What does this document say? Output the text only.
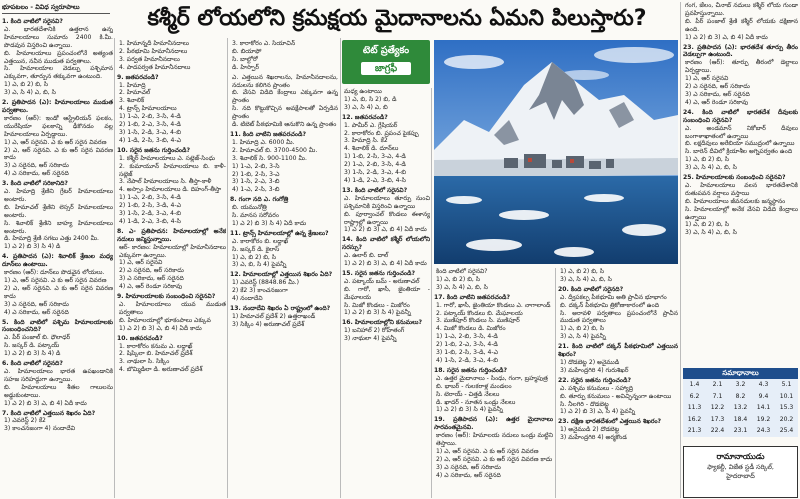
భూపటలం - వివిధ స్వరూపాలు	కశ్మీర్ లోయలోని క్రమక్షయ మైదానాలను ఏమని పిలుస్తారు?
1. కింది వాటిలో సరైనవి?
ఎ. భారతదేశానికి ఉత్తరాన ఉన్న హిమాలయాలు సుమారు 2400 కి.మీ. పొడవున విస్తరించి ఉన్నాయి.
బి. హిమాలయాలు ప్రపంచంలోనే అత్యంత ఎత్తయిన, నవీన ముడుత పర్వతాలు.
సి. హిమాలయాల వెడల్పు పశ్చిమాన ఎక్కువగా, తూర్పున తక్కువగా ఉంటుంది.
1) ఎ, బి 2) బి, సి
3) ఎ, సి 4) ఎ, బి, సి
2. ప్రతిపాదన (ఎ): హిమాలయాలు ముడుత పర్వతాలు.
కారణం (ఆర్): ఇండో ఆస్ట్రేలియన్ ఫలకం, యురేషియా ఫలకాన్ని ఢీకొనడం వల్ల హిమాలయాలు ఏర్పడ్డాయి.
1) ఎ, ఆర్ సరైనవి. ఎ కు ఆర్ సరైన వివరణ
2) ఎ, ఆర్ సరైనవి. ఎ కు ఆర్ సరైన వివరణ కాదు
3) ఎ సరైనది, ఆర్ సరికాదు
4) ఎ సరికాదు, ఆర్ సరైనది
3. కింది వాటిలో సరికానిది?
ఎ. హిమాద్రి శ్రేణిని గ్రేటర్ హిమాలయాలు అంటారు.
బి. హిమాచల్ శ్రేణిని లెస్సర్ హిమాలయాలు అంటారు.
సి. శివాలిక్ శ్రేణిని బాహ్య హిమాలయాలు అంటారు.
డి. హిమాద్రి శ్రేణి సగటు ఎత్తు 2400 మీ.
1) ఎ 2) బి 3) సి 4) డి
4. ప్రతిపాదన (ఎ): శివాలిక్ శ్రేణుల మధ్య దూన్‌లు ఉంటాయి.
కారణం (ఆర్): దూన్‌లు పొడవైన లోయలు.
1) ఎ, ఆర్ సరైనవి. ఎ కు ఆర్ సరైన వివరణ
2) ఎ, ఆర్ సరైనవి. ఎ కు ఆర్ సరైన వివరణ కాదు
3) ఎ సరైనది, ఆర్ సరికాదు
4) ఎ సరికాదు, ఆర్ సరైనది
5. కింది వాటిలో పశ్చిమ హిమాలయాలకు సంబంధించనిది?
ఎ. పీర్ పంజాల్ బి. ధౌలాధర్
సి. జస్కర్ డి. పట్కాయ్
1) ఎ 2) బి 3) సి 4) డి
6. కింది వాటిలో సరైనది?
ఎ. హిమాలయాలు భారత ఉపఖండానికి సహజ సరిహద్దుగా ఉన్నాయి.
బి. హిమాలయాలు శీతల గాలులను అడ్డుకుంటాయి.
1) ఎ 2) బి 3) ఎ, బి 4) ఏదీ కాదు
7. కింది వాటిలో ఎత్తయిన శిఖరం ఏది?
1) ఎవరెస్ట్ 2) కే2
3) కాంచనజంగా 4) నందాదేవి
1. హిమాన్నదీ హిమానీనదాలు
2. పీఠభూమి హిమానీనదాలు
3. పర్వత హిమానీనదాలు
4. పాదపర్వత హిమానీనదాలు
9. జతపరచండి?
1. హిమాద్రి
2. హిమాచల్
3. శివాలిక్
4. ట్రాన్స్ హిమాలయాలు
1) 1-ఎ, 2-బి, 3-సి, 4-డి
2) 1-బి, 2-ఎ, 3-సి, 4-డి
3) 1-సి, 2-డి, 3-ఎ, 4-బి
4) 1-డి, 2-సి, 3-బి, 4-ఎ
10. సరైన జతను గుర్తించండి?
1. కశ్మీర్ హిమాలయాలు ఎ. సట్లెజ్-సింధు
2. కుమాయూన్ హిమాలయాలు బి. కాళీ-సట్లెజ్
3. నేపాల్ హిమాలయాలు సి. తీస్తా-కాళీ
4. అస్సాం హిమాలయాలు డి. దిహంగ్-తీస్తా
1) 1-ఎ, 2-బి, 3-సి, 4-డి
2) 1-బి, 2-సి, 3-డి, 4-ఎ
3) 1-సి, 2-డి, 3-ఎ, 4-బి
4) 1-డి, 2-ఎ, 3-బి, 4-సి
8. ఎ- ప్రతిపాదన: హిమాలయాల్లో అనేక నదులు జన్మిస్తున్నాయి.
ఆర్- కారణం: హిమాలయాల్లో హిమానీనదాలు ఎక్కువగా ఉన్నాయి.
1) ఎ, ఆర్ సరైనవి
2) ఎ సరైనది, ఆర్ సరికాదు
3) ఎ సరికాదు, ఆర్ సరైనది
4) ఎ, ఆర్ రెండూ సరికావు
9. హిమాలయాలకు సంబంధించి సరైనవి?
ఎ. హిమాలయాలు యువ ముడుత పర్వతాలు
బి. హిమాలయాల్లో భూకంపాలు ఎక్కువ
1) ఎ 2) బి 3) ఎ, బి 4) ఏదీ కాదు
10. జతపరచండి?
1. కారాకోరం కనుమ ఎ. లద్దాఖ్
2. షిప్కిలా బి. హిమాచల్ ప్రదేశ్
3. నాథులా సి. సిక్కిం
4. బొమ్మిడిలా డి. అరుణాచల్ ప్రదేశ్
3. కారాకోరం ఎ. సియాచిన్
బి. బియాఫో
సి. బాల్టోరో
డి. హిస్పార్
ఎ. ఎత్తయిన శిఖరాలను, హిమానీనదాలను, నదులను కలిగిన ప్రాంతం
బి. వేసవి విడిది కేంద్రాలు ఎక్కువగా ఉన్న ప్రాంతం
సి. నది కొట్టుకొచ్చిన అవక్షేపాలతో ఏర్పడిన ప్రాంతం
డి. టిబెట్ పీఠభూమికి ఆనుకొని ఉన్న ప్రాంతం
11. కింది వాటిని జతపరచండి?
1. హిమాద్రి ఎ. 6000 మీ.
2. హిమాచల్ బి. 3700-4500 మీ.
3. శివాలిక్ సి. 900-1100 మీ.
1) 1-ఎ, 2-బి, 3-సి
2) 1-బి, 2-సి, 3-ఎ
3) 1-సి, 2-ఎ, 3-బి
4) 1-ఎ, 2-సి, 3-బి
8. గంగా నది ఎ. గంగోత్రి
బి. యమునోత్రి
సి. మానస సరోవరం
1) ఎ 2) బి 3) సి 4) ఏదీ కాదు
11. ట్రాన్స్ హిమాలయాల్లో ఉన్న శ్రేణులు?
ఎ. కారాకోరం బి. లద్దాఖ్
సి. జస్కర్ డి. కైలాస్
1) ఎ, బి 2) బి, సి
3) ఎ, బి, సి 4) పైవన్నీ
12. హిమాలయాల్లో ఎత్తయిన శిఖరం ఏది?
1) ఎవరెస్ట్ (8848.86 మీ.)
2) కే2 3) కాంచనజంగా
4) నందాదేవి
13. నందాదేవి శిఖరం ఏ రాష్ట్రంలో ఉంది?
1) హిమాచల్ ప్రదేశ్ 2) ఉత్తరాఖండ్
3) సిక్కిం 4) అరుణాచల్ ప్రదేశ్
టెట్ ప్రత్యేకం
జాగ్రఫీ
మధ్య ఉంటాయి
1) ఎ, బి, సి 2) బి, డి
3) ఎ, సి 4) ఎ, బి
12. జతపరచండి?
1. పామీర్ ఎ. గ్లేషియర్
2. కారాకోరం బి. ప్రపంచ పైకప్పు
3. హిమాద్రి సి. కే2
4. శివాలిక్ డి. దూన్‌లు
1) 1-బి, 2-సి, 3-ఎ, 4-డి
2) 1-ఎ, 2-బి, 3-సి, 4-డి
3) 1-సి, 2-డి, 3-ఎ, 4-బి
4) 1-డి, 2-ఎ, 3-బి, 4-సి
13. కింది వాటిలో సరైనవి?
ఎ. హిమాలయాలు తూర్పు నుంచి పశ్చిమానికి విస్తరించి ఉన్నాయి
బి. పూర్వాంచల్ కొండలు ఈశాన్య రాష్ట్రాల్లో ఉన్నాయి
1) ఎ 2) బి 3) ఎ, బి 4) ఏదీ కాదు
14. కింది వాటిలో కశ్మీర్ లోయలోని సరస్సు?
ఎ. ఉలార్ బి. దాల్
1) ఎ 2) బి 3) ఎ, బి 4) ఏదీ కాదు
15. సరైన జతను గుర్తించండి?
ఎ. పట్కాయ్ బమ్ - అరుణాచల్
బి. గారో, ఖాసీ, జైంతియా - మేఘాలయ
సి. మిజో కొండలు - మిజోరం
1) ఎ 2) బి 3) సి 4) పైవన్నీ
16. హిమాలయాల్లోని కనుమలు?
1) బనిహాల్ 2) రోహ్‌తంగ్
3) నాథులా 4) పైవన్నీ
కింది వాటిలో సరైనవి?
1) ఎ, బి 2) బి, సి
3) ఎ, సి 4) ఎ, బి, సి
17. కింది వాటిని జతపరచండి?
1. గారో, ఖాసీ, జైంతియా కొండలు ఎ. నాగాలాండ్
2. పట్కాయ్ కొండలు బి. మేఘాలయ
3. మణిపూర్ కొండలు సి. మణిపూర్
4. మిజో కొండలు డి. మిజోరం
1) 1-ఎ, 2-బి, 3-సి, 4-డి
2) 1-బి, 2-ఎ, 3-సి, 4-డి
3) 1-బి, 2-సి, 3-డి, 4-ఎ
4) 1-సి, 2-డి, 3-ఎ, 4-బి
18. సరైన జతను గుర్తించండి?
ఎ. ఉత్తర మైదానాలు - సింధు, గంగా, బ్రహ్మపుత్ర
బి. భాబర్ - గులకరాళ్ల మండలం
సి. టెరాయ్ - చిత్తడి నేలలు
డి. ఖాదర్ - నూతన ఒండ్రు నేలలు
1) ఎ 2) బి 3) సి 4) పైవన్నీ
19. ప్రతిపాదన (ఎ): ఉత్తర మైదానాలు సారవంతమైనవి.
కారణం (ఆర్): హిమాలయ నదులు ఒండ్రు మట్టిని తెస్తాయి.
1) ఎ, ఆర్ సరైనవి. ఎ కు ఆర్ సరైన వివరణ
2) ఎ, ఆర్ సరైనవి. ఎ కు ఆర్ సరైన వివరణ కాదు
3) ఎ సరైనది, ఆర్ సరికాదు
4) ఎ సరికాదు, ఆర్ సరైనది
1) ఎ, బి 2) బి, సి
3) ఎ, సి 4) ఎ, బి, సి
20. కింది వాటిలో సరైనది?
ఎ. ద్వీపకల్ప పీఠభూమి అతి ప్రాచీన భూభాగం
బి. దక్కన్ పీఠభూమి త్రికోణాకారంలో ఉంది
సి. అరావళి పర్వతాలు ప్రపంచంలోనే ప్రాచీన ముడుత పర్వతాలు
1) ఎ, బి 2) బి, సి
3) ఎ, సి 4) పైవన్నీ
21. కింది వాటిలో దక్కన్ పీఠభూమిలో ఎత్తయిన శిఖరం?
1) దొడబెట్ట 2) అనైముడి
3) మహేంద్రగిరి 4) గురుశిఖర్
22. సరైన జతను గుర్తించండి?
ఎ. పశ్చిమ కనుమలు - సహ్యాద్రి
బి. తూర్పు కనుమలు - అవిచ్ఛిన్నంగా ఉంటాయి
సి. నీలగిరి - దొడబెట్ట
1) ఎ 2) బి 3) ఎ, సి 4) పైవన్నీ
23. దక్షిణ భారతదేశంలో ఎత్తయిన శిఖరం?
1) అనైముడి 2) దొడబెట్ట
3) మహేంద్రగిరి 4) అర్మకొండ
గంగ, జేలం, చీనాబ్ నదులు కశ్మీర్ లోయ గుండా ప్రవహిస్తున్నాయి.
బి. పీర్ పంజాల్ శ్రేణి కశ్మీర్ లోయకు దక్షిణాన ఉంది.
1) ఎ 2) బి 3) ఎ, బి 4) ఏదీ కాదు
23. ప్రతిపాదన (ఎ): భారతదేశ తూర్పు తీరం వెడల్పుగా ఉంటుంది.
కారణం (ఆర్): తూర్పు తీరంలో డెల్టాలు ఏర్పడ్డాయి.
1) ఎ, ఆర్ సరైనవి
2) ఎ సరైనది, ఆర్ సరికాదు
3) ఎ సరికాదు, ఆర్ సరైనది
4) ఎ, ఆర్ రెండూ సరికావు
24. కింది వాటిలో భారతదేశ దీవులకు సంబంధించి సరైనవి?
ఎ. అండమాన్ నికోబార్ దీవులు బంగాళాఖాతంలో ఉన్నాయి
బి. లక్షదీవులు అరేబియా సముద్రంలో ఉన్నాయి
సి. బారెన్ దీవిలో క్రియాశీల అగ్నిపర్వతం ఉంది
1) ఎ, బి 2) బి, సి
3) ఎ, సి 4) ఎ, బి, సి
25. హిమాలయాలకు సంబంధించి సరైనవి?
ఎ. హిమాలయాలు వలన భారతదేశానికి రుతుపవన వర్షాలు వస్తాయి
బి. హిమాలయాలు జీవనదులకు జన్మస్థానం
సి. హిమాలయాల్లో అనేక వేసవి విడిది కేంద్రాలు ఉన్నాయి
1) ఎ, బి 2) బి, సి
3) ఎ, సి 4) ఎ, బి, సి
సమాధానాలు
1.4	2.1	3.2	4.3	5.1
6.2	7.1	8.2	9.4	10.1
11.3	12.2	13.2	14.1	15.3
16.2	17.3	18.4	19.2	20.2
21.3	22.4	23.1	24.3	25.4
రామానాయుడు
ఫ్యాకల్టీ, విజేత స్టడీ సర్కిల్,
హైదరాబాద్
